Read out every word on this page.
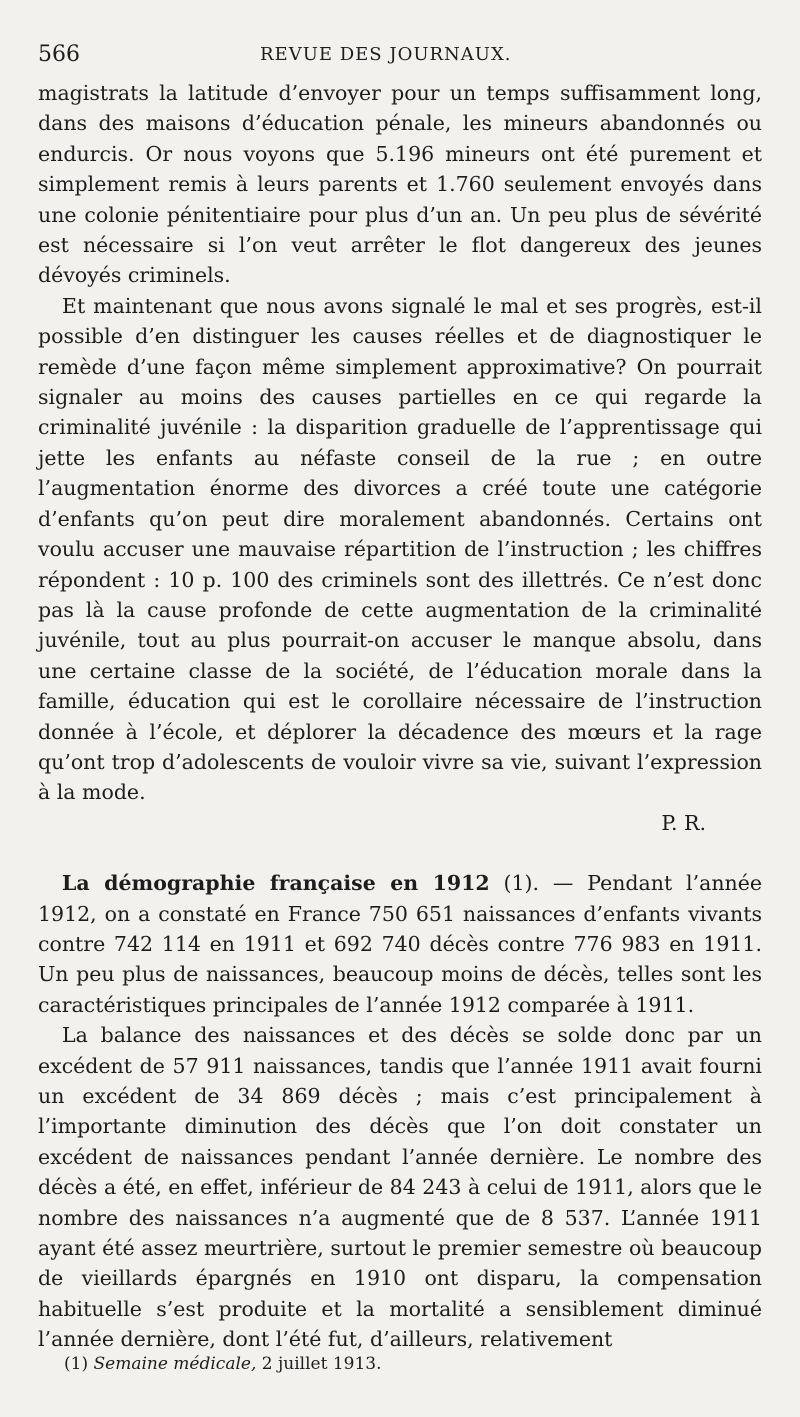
566	REVUE DES JOURNAUX.

magistrats la latitude d’envoyer pour un temps suffisamment long, dans des maisons d’éducation pénale, les mineurs abandonnés ou endurcis. Or nous voyons que 5.196 mineurs ont été purement et simplement remis à leurs parents et 1.760 seulement envoyés dans une colonie pénitentiaire pour plus d’un an. Un peu plus de sévérité est nécessaire si l’on veut arrêter le flot dangereux des jeunes dévoyés criminels.

Et maintenant que nous avons signalé le mal et ses progrès, est-il possible d’en distinguer les causes réelles et de diagnostiquer le remède d’une façon même simplement approximative? On pourrait signaler au moins des causes partielles en ce qui regarde la criminalité juvénile : la disparition graduelle de l’apprentissage qui jette les enfants au néfaste conseil de la rue ; en outre l’augmentation énorme des divorces a créé toute une catégorie d’enfants qu’on peut dire moralement abandonnés. Certains ont voulu accuser une mauvaise répartition de l’instruction ; les chiffres répondent : 10 p. 100 des criminels sont des illettrés. Ce n’est donc pas là la cause profonde de cette augmentation de la criminalité juvénile, tout au plus pourrait-on accuser le manque absolu, dans une certaine classe de la société, de l’éducation morale dans la famille, éducation qui est le corollaire nécessaire de l’instruction donnée à l’école, et déplorer la décadence des mœurs et la rage qu’ont trop d’adolescents de vouloir vivre sa vie, suivant l’expression à la mode.

P. R.

La démographie française en 1912 (1). — Pendant l’année 1912, on a constaté en France 750 651 naissances d’enfants vivants contre 742 114 en 1911 et 692 740 décès contre 776 983 en 1911. Un peu plus de naissances, beaucoup moins de décès, telles sont les caractéristiques principales de l’année 1912 comparée à 1911.

La balance des naissances et des décès se solde donc par un excédent de 57 911 naissances, tandis que l’année 1911 avait fourni un excédent de 34 869 décès ; mais c’est principalement à l’importante diminution des décès que l’on doit constater un excédent de naissances pendant l’année dernière. Le nombre des décès a été, en effet, inférieur de 84 243 à celui de 1911, alors que le nombre des naissances n’a augmenté que de 8 537. L’année 1911 ayant été assez meurtrière, surtout le premier semestre où beaucoup de vieillards épargnés en 1910 ont disparu, la compensation habituelle s’est produite et la mortalité a sensiblement diminué l’année dernière, dont l’été fut, d’ailleurs, relativement

(1) Semaine médicale, 2 juillet 1913.
